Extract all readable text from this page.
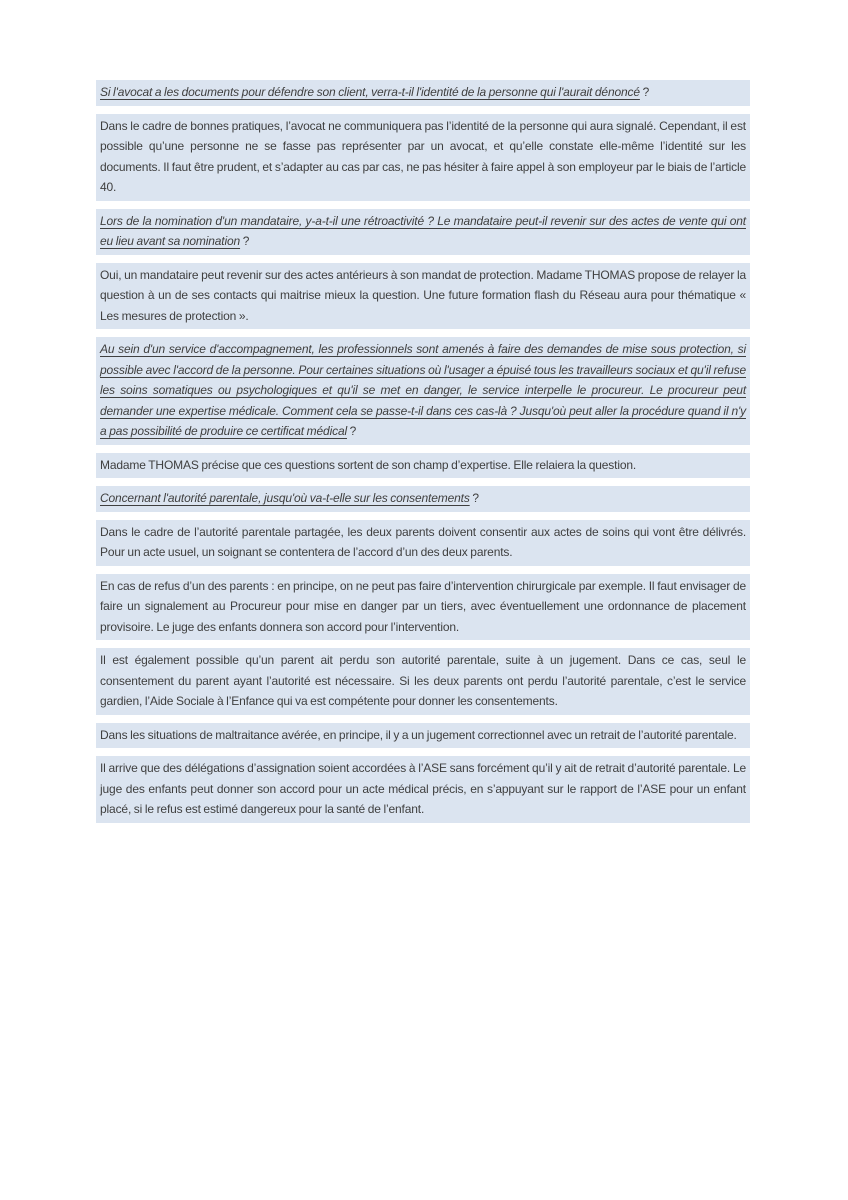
Si l'avocat a les documents pour défendre son client, verra-t-il l'identité de la personne qui l'aurait dénoncé ?

Dans le cadre de bonnes pratiques, l’avocat ne communiquera pas l’identité de la personne qui aura signalé. Cependant, il est possible qu’une personne ne se fasse pas représenter par un avocat, et qu’elle constate elle-même l’identité sur les documents. Il faut être prudent, et s’adapter au cas par cas, ne pas hésiter à faire appel à son employeur par le biais de l’article 40.

Lors de la nomination d'un mandataire, y-a-t-il une rétroactivité ? Le mandataire peut-il revenir sur des actes de vente qui ont eu lieu avant sa nomination ?

Oui, un mandataire peut revenir sur des actes antérieurs à son mandat de protection. Madame THOMAS propose de relayer la question à un de ses contacts qui maitrise mieux la question. Une future formation flash du Réseau aura pour thématique « Les mesures de protection ».

Au sein d'un service d'accompagnement, les professionnels sont amenés à faire des demandes de mise sous protection, si possible avec l'accord de la personne. Pour certaines situations où l'usager a épuisé tous les travailleurs sociaux et qu'il refuse les soins somatiques ou psychologiques et qu'il se met en danger, le service interpelle le procureur. Le procureur peut demander une expertise médicale. Comment cela se passe-t-il dans ces cas-là ? Jusqu'où peut aller la procédure quand il n'y a pas possibilité de produire ce certificat médical ?

Madame THOMAS précise que ces questions sortent de son champ d’expertise. Elle relaiera la question.

Concernant l'autorité parentale, jusqu'où va-t-elle sur les consentements ?

Dans le cadre de l’autorité parentale partagée, les deux parents doivent consentir aux actes de soins qui vont être délivrés. Pour un acte usuel, un soignant se contentera de l’accord d’un des deux parents.

En cas de refus d’un des parents : en principe, on ne peut pas faire d’intervention chirurgicale par exemple. Il faut envisager de faire un signalement au Procureur pour mise en danger par un tiers, avec éventuellement une ordonnance de placement provisoire. Le juge des enfants donnera son accord pour l’intervention.

Il est également possible qu’un parent ait perdu son autorité parentale, suite à un jugement. Dans ce cas, seul le consentement du parent ayant l’autorité est nécessaire. Si les deux parents ont perdu l’autorité parentale, c’est le service gardien, l’Aide Sociale à l’Enfance qui va est compétente pour donner les consentements.

Dans les situations de maltraitance avérée, en principe, il y a un jugement correctionnel avec un retrait de l’autorité parentale.

Il arrive que des délégations d’assignation soient accordées à l’ASE sans forcément qu’il y ait de retrait d’autorité parentale. Le juge des enfants peut donner son accord pour un acte médical précis, en s’appuyant sur le rapport de l’ASE pour un enfant placé, si le refus est estimé dangereux pour la santé de l’enfant.
